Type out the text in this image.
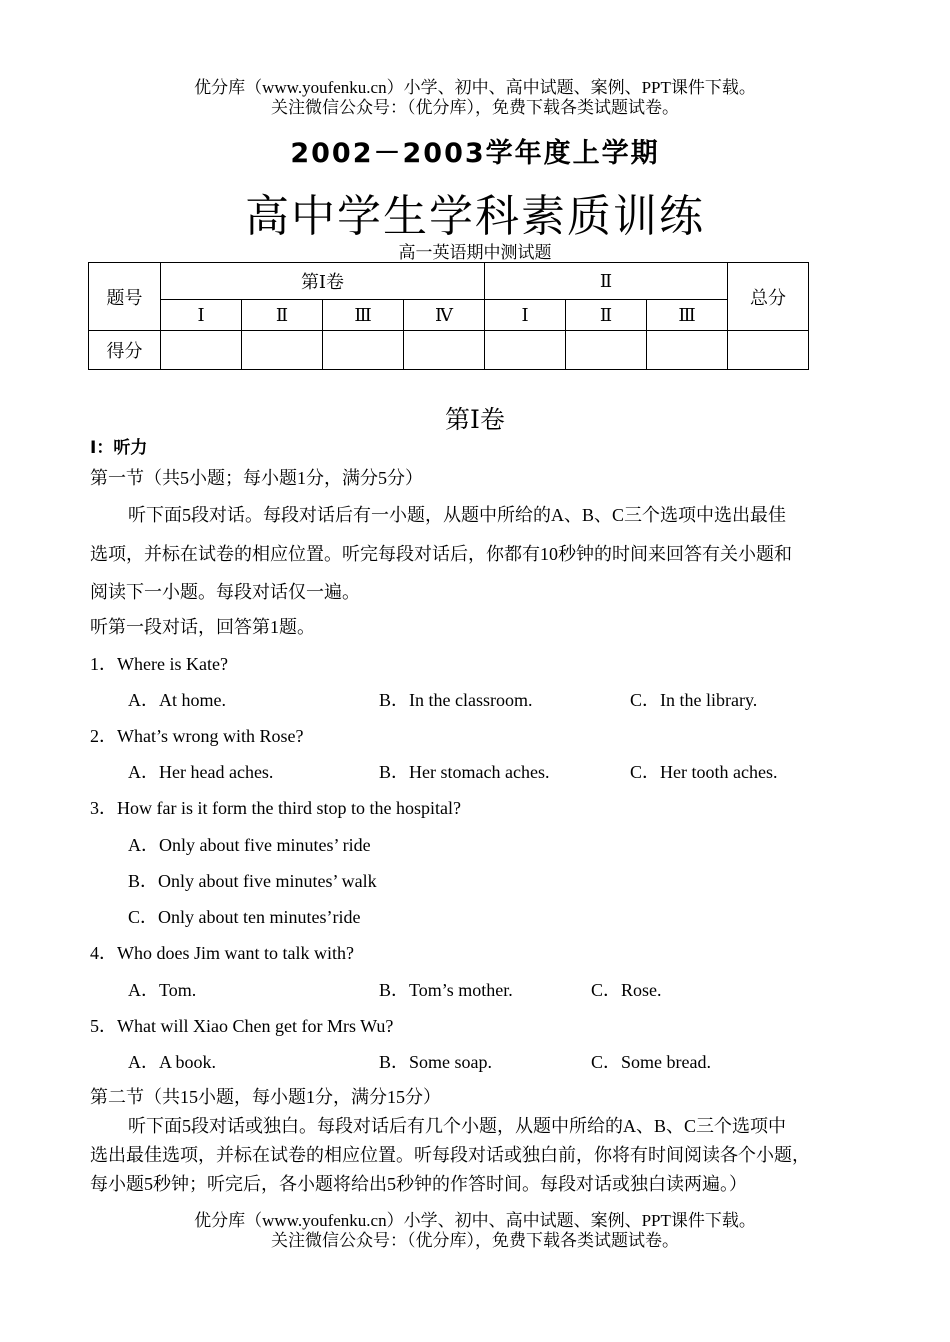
优分库（www.youfenku.cn）小学、初中、高中试题、案例、PPT课件下载。
关注微信公众号：（优分库），免费下载各类试题试卷。
2002－2003学年度上学期
高中学生学科素质训练
高一英语期中测试题
题号	第Ⅰ卷				Ⅱ			总分
	Ⅰ	Ⅱ	Ⅲ	Ⅳ	Ⅰ	Ⅱ	Ⅲ	
得分								
第Ⅰ卷
Ⅰ：听力
第一节（共5小题；每小题1分，满分5分）
听下面5段对话。每段对话后有一小题，从题中所给的A、B、C三个选项中选出最佳
选项，并标在试卷的相应位置。听完每段对话后，你都有10秒钟的时间来回答有关小题和
阅读下一小题。每段对话仅一遍。
听第一段对话，回答第1题。
1．Where is Kate?
A．At home.	B．In the classroom.	C．In the library.
2．What’s wrong with Rose?
A．Her head aches.	B．Her stomach aches.	C．Her tooth aches.
3．How far is it form the third stop to the hospital?
A．Only about five minutes’ ride
B．Only about five minutes’ walk
C．Only about ten minutes’ride
4．Who does Jim want to talk with?
A．Tom.	B．Tom’s mother.	C．Rose.
5．What will Xiao Chen get for Mrs Wu?
A．A book.	B．Some soap.	C．Some bread.
第二节（共15小题，每小题1分，满分15分）
听下面5段对话或独白。每段对话后有几个小题，从题中所给的A、B、C三个选项中
选出最佳选项，并标在试卷的相应位置。听每段对话或独白前，你将有时间阅读各个小题，
每小题5秒钟；听完后，各小题将给出5秒钟的作答时间。每段对话或独白读两遍。）
优分库（www.youfenku.cn）小学、初中、高中试题、案例、PPT课件下载。
关注微信公众号：（优分库），免费下载各类试题试卷。
